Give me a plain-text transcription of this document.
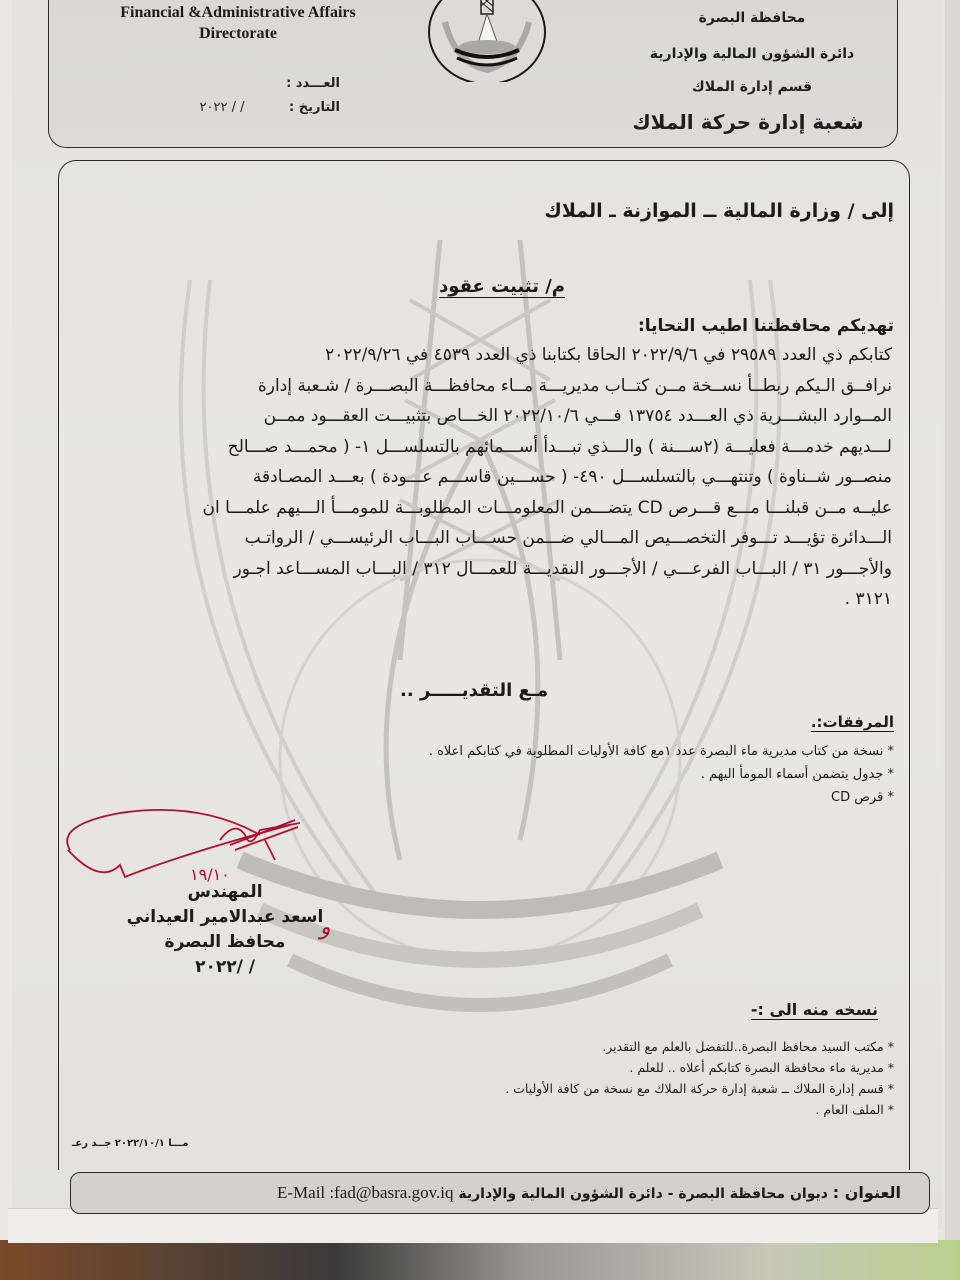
Financial &Administrative Affairs
Directorate
العـــدد :
التاريخ : / / ٢٠٢٢
محافظة البصرة
دائرة الشؤون المالية والإدارية
قسم إدارة الملاك
شعبة إدارة حركة الملاك
إلى / وزارة المالية ــ الموازنة ـ الملاك
م/ تثبيت عقود
تهديكم محافظتنا اطيب التحايا:
كتابكم ذي العدد ٢٩٥٨٩ في ٢٠٢٢/٩/٦ الحاقا بكتابنا ذي العدد ٤٥٣٩ في ٢٠٢٢/٩/٢٦
نرافــق الـيكم ربطــأ نســخة مــن كتــاب مديريـــة مــاء محافظـــة البصـــرة / شـعبة إدارة
المــوارد البشـــرية ذي العـــدد ١٣٧٥٤ فـــي ٢٠٢٢/١٠/٦ الخـــاص بتثبيـــت العقـــود ممــن
لـــديهم خدمـــة فعليـــة (٢ســـنة ) والـــذي تبـــدأ أســـمائهم بالتسلســـل ١- ( محمـــد صـــالح
منصــور شــناوة ) وتنتهـــي بالتسلســـل ٤٩٠- ( حســـين قاســـم عـــودة ) بعـــد المصـادقة
عليــه مــن قبلنـــا مـــع قـــرص CD يتضـــمن المعلومـــات المطلوبـــة للمومـــأ الـــيهم علمـــا ان
الـــدائرة تؤيـــد تـــوفر التخصـــيص المـــالي ضـــمن حســـاب البـــاب الرئيســـي / الرواتـب
والأجـــور ٣١ / البـــاب الفرعـــي / الأجـــور النقديـــة للعمـــال ٣١٢ / البـــاب المســـاعد اجـور
٣١٢١ .
مـع التقديـــــر ..
المرفقات:.
* نسخة من كتاب مديرية ماء البصرة عدد ١مع كافة الأوليات المطلوبة في كتابكم اعلاه .
* جدول يتضمن أسماء المومأ اليهم .
* قرص CD
١٩/١٠
و
المهندس
اسعد عبدالامير العيداني
محافظ البصرة
/ /٢٠٢٢
نسخه منه الى :-
* مكتب السيد محافظ البصرة..للتفضل بالعلم مع التقدير.
* مديرية ماء محافظة البصرة كتابكم أعلاه .. للعلم .
* قسم إدارة الملاك ــ شعبة إدارة حركة الملاك مع نسخة من كافة الأوليات .
* الملف العام .
مـــا ٢٠٢٢/١٠/١ جــد رعـ
العنوان : ديوان محافظة البصرة - دائرة الشؤون المالية والإدارية E-Mail :fad@basra.gov.iq
